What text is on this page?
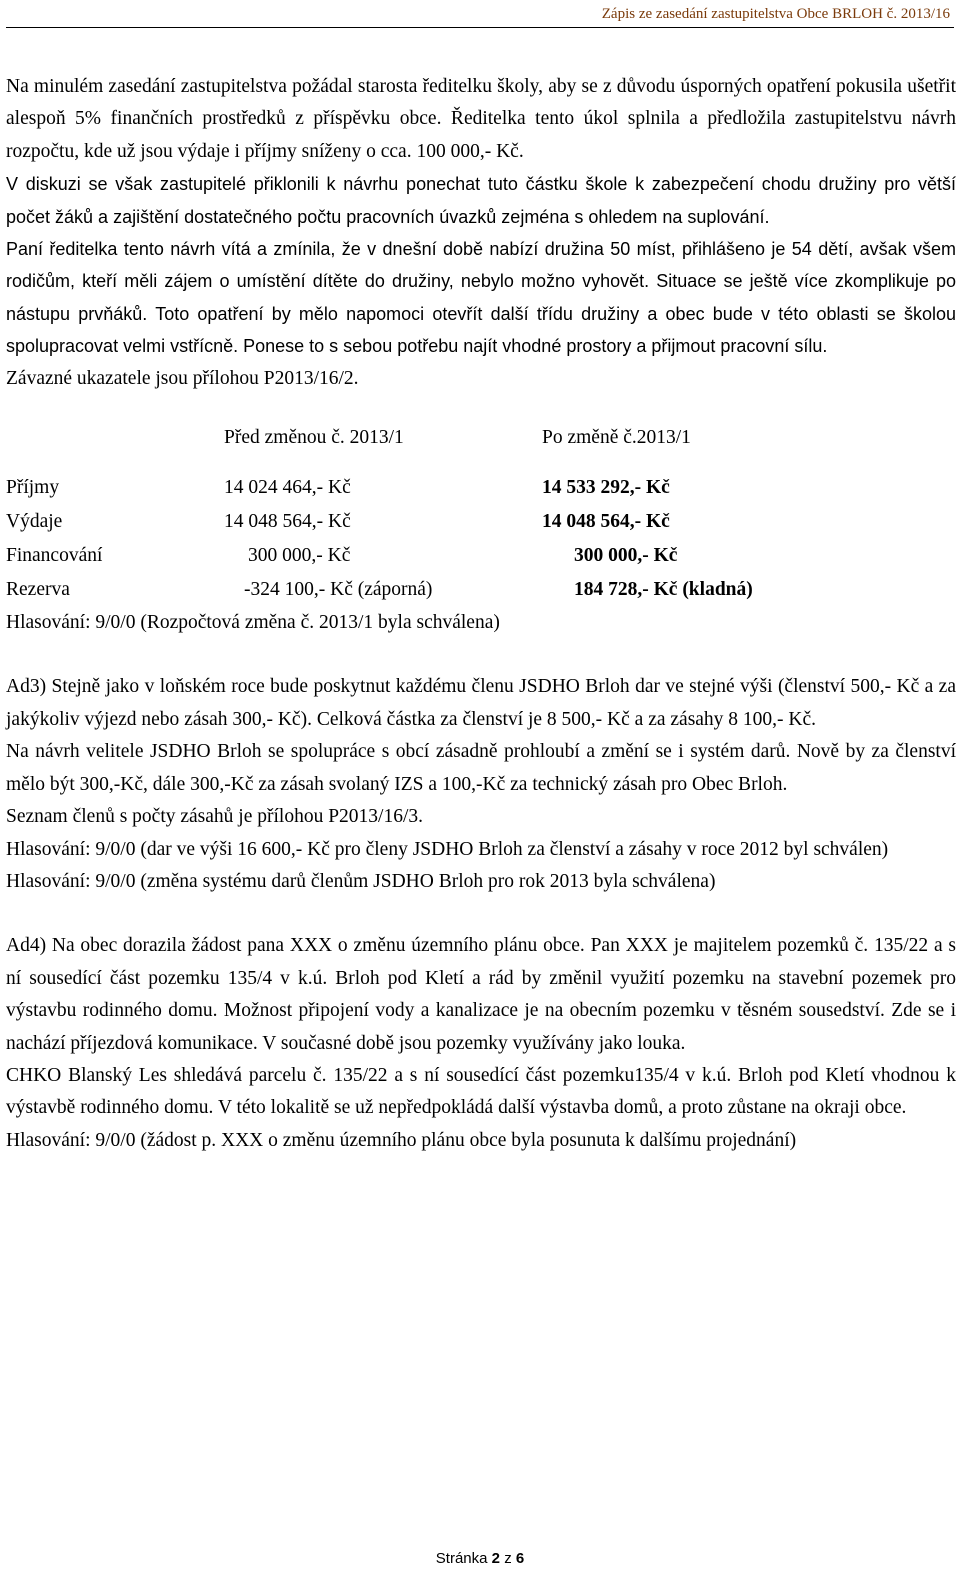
Zápis ze zasedání zastupitelstva Obce BRLOH č. 2013/16

Na minulém zasedání zastupitelstva požádal starosta ředitelku školy, aby se z důvodu úsporných opatření pokusila ušetřit alespoň 5% finančních prostředků z příspěvku obce. Ředitelka tento úkol splnila a předložila zastupitelstvu návrh rozpočtu, kde už jsou výdaje i příjmy sníženy o cca. 100 000,- Kč.

V diskuzi se však zastupitelé přiklonili k návrhu ponechat tuto částku škole k zabezpečení chodu družiny pro větší počet žáků a zajištění dostatečného počtu pracovních úvazků zejména s ohledem na suplování.

Paní ředitelka tento návrh vítá a zmínila, že v dnešní době nabízí družina 50 míst, přihlášeno je 54 dětí, avšak všem rodičům, kteří měli zájem o umístění dítěte do družiny, nebylo možno vyhovět. Situace se ještě více zkomplikuje po nástupu prvňáků. Toto opatření by mělo napomoci otevřít další třídu družiny a obec bude v této oblasti se školou spolupracovat velmi vstřícně. Ponese to s sebou potřebu najít vhodné prostory a přijmout pracovní sílu.

Závazné ukazatele jsou přílohou P2013/16/2.

	Před změnou č. 2013/1	Po změně č.2013/1

Příjmy	14 024 464,- Kč	14 533 292,- Kč
Výdaje	14 048 564,- Kč	14 048 564,- Kč
Financování	300 000,- Kč	300 000,- Kč
Rezerva	-324 100,- Kč (záporná)	184 728,- Kč (kladná)

Hlasování: 9/0/0 (Rozpočtová změna č. 2013/1 byla schválena)

Ad3) Stejně jako v loňském roce bude poskytnut každému členu JSDHO Brloh dar ve stejné výši (členství 500,- Kč a za jakýkoliv výjezd nebo zásah 300,- Kč). Celková částka za členství je 8 500,- Kč a za zásahy 8 100,- Kč.

Na návrh velitele JSDHO Brloh se spolupráce s obcí zásadně prohloubí a změní se i systém darů. Nově by za členství mělo být 300,-Kč, dále 300,-Kč za zásah svolaný IZS a 100,-Kč za technický zásah pro Obec Brloh.

Seznam členů s počty zásahů je přílohou P2013/16/3.

Hlasování: 9/0/0 (dar ve výši 16 600,- Kč pro členy JSDHO Brloh za členství a zásahy v roce 2012 byl schválen)

Hlasování: 9/0/0 (změna systému darů členům JSDHO Brloh pro rok 2013 byla schválena)

Ad4) Na obec dorazila žádost pana XXX o změnu územního plánu obce. Pan XXX je majitelem pozemků č. 135/22 a s ní sousedící část pozemku 135/4 v k.ú. Brloh pod Kletí a rád by změnil využití pozemku na stavební pozemek pro výstavbu rodinného domu. Možnost připojení vody a kanalizace je na obecním pozemku v těsném sousedství. Zde se i nachází příjezdová komunikace. V současné době jsou pozemky využívány jako louka.

CHKO Blanský Les shledává parcelu č. 135/22 a s ní sousedící část pozemku135/4 v k.ú. Brloh pod Kletí vhodnou k výstavbě rodinného domu. V této lokalitě se už nepředpokládá další výstavba domů, a proto zůstane na okraji obce.

Hlasování: 9/0/0 (žádost p. XXX o změnu územního plánu obce byla posunuta k dalšímu projednání)

Stránka 2 z 6
